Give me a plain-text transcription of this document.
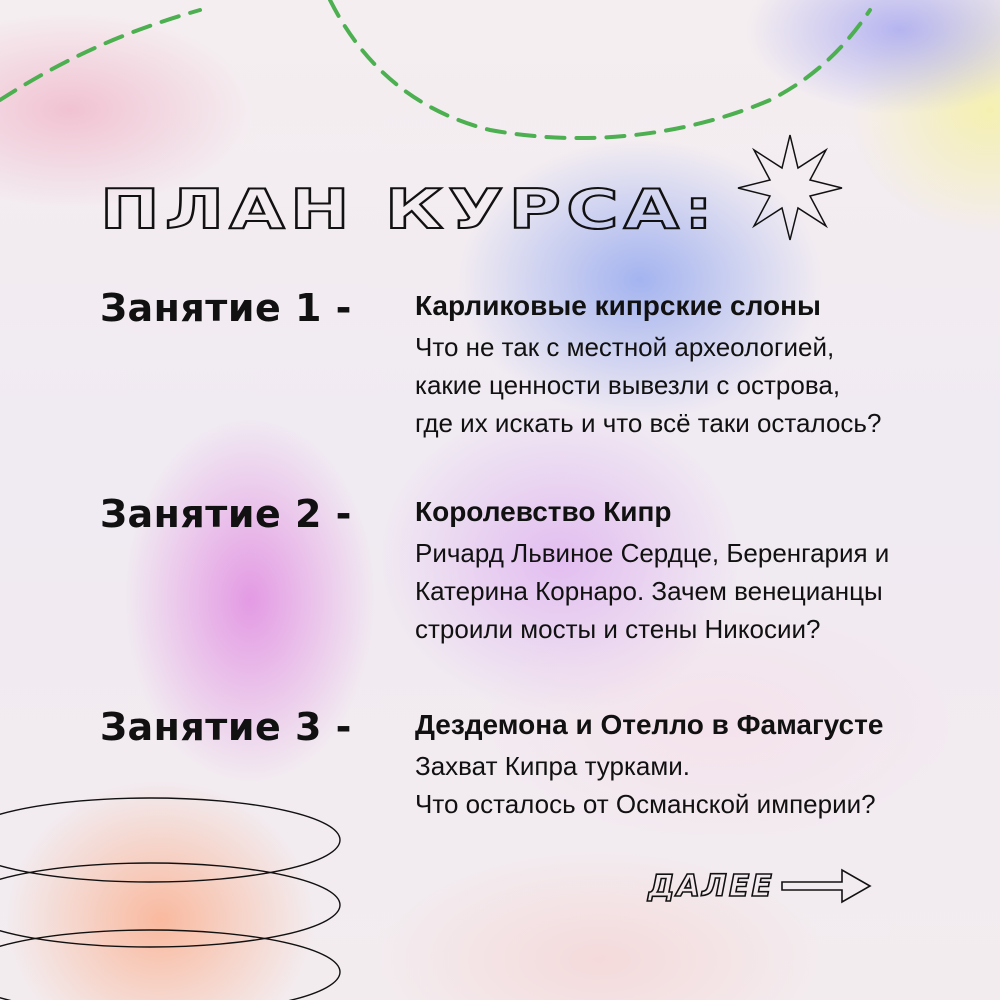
ПЛАН КУРСА:
Занятие 1 - Карликовые кипрские слоны
Что не так с местной археологией,
какие ценности вывезли с острова,
где их искать и что всё таки осталось?
Занятие 2 - Королевство Кипр
Ричард Львиное Сердце, Беренгария и
Катерина Корнаро. Зачем венецианцы
строили мосты и стены Никосии?
Занятие 3 - Дездемона и Отелло в Фамагусте
Захват Кипра турками.
Что осталось от Османской империи?
ДАЛЕЕ
